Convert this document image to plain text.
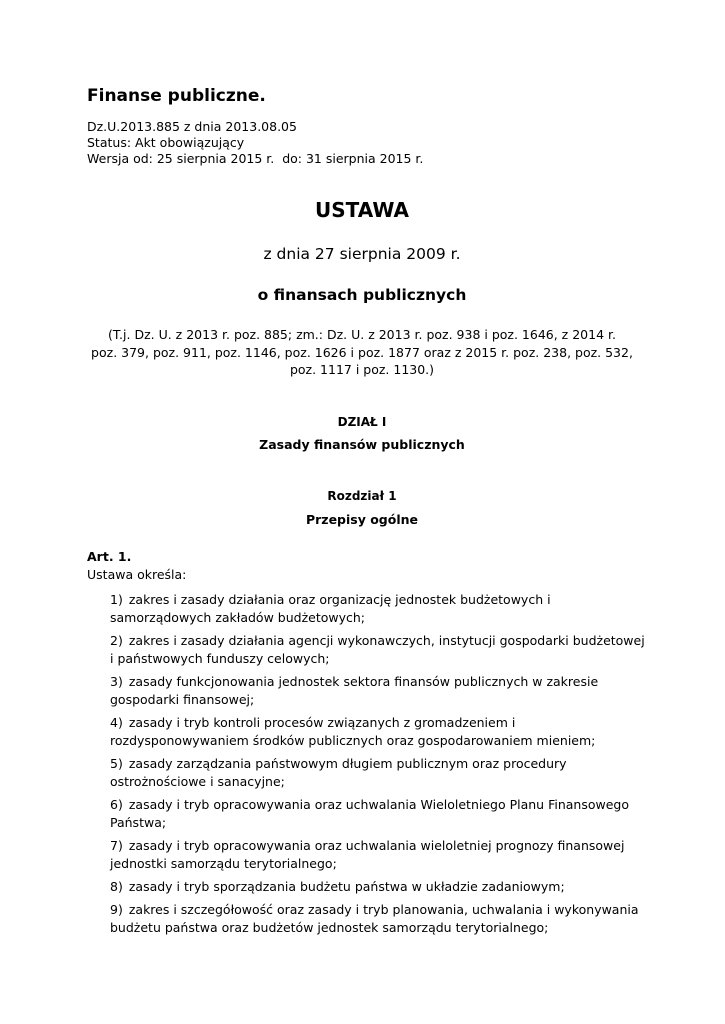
Finanse publiczne.
Dz.U.2013.885 z dnia 2013.08.05
Status: Akt obowiązujący
Wersja od: 25 sierpnia 2015 r.  do: 31 sierpnia 2015 r.
USTAWA
z dnia 27 sierpnia 2009 r.
o finansach publicznych
(T.j. Dz. U. z 2013 r. poz. 885; zm.: Dz. U. z 2013 r. poz. 938 i poz. 1646, z 2014 r.
poz. 379, poz. 911, poz. 1146, poz. 1626 i poz. 1877 oraz z 2015 r. poz. 238, poz. 532,
poz. 1117 i poz. 1130.)
DZIAŁ I
Zasady finansów publicznych
Rozdział 1
Przepisy ogólne
Art. 1.
Ustawa określa:
1) zakres i zasady działania oraz organizację jednostek budżetowych i
samorządowych zakładów budżetowych;
2) zakres i zasady działania agencji wykonawczych, instytucji gospodarki budżetowej
i państwowych funduszy celowych;
3) zasady funkcjonowania jednostek sektora finansów publicznych w zakresie
gospodarki finansowej;
4) zasady i tryb kontroli procesów związanych z gromadzeniem i
rozdysponowywaniem środków publicznych oraz gospodarowaniem mieniem;
5) zasady zarządzania państwowym długiem publicznym oraz procedury
ostrożnościowe i sanacyjne;
6) zasady i tryb opracowywania oraz uchwalania Wieloletniego Planu Finansowego
Państwa;
7) zasady i tryb opracowywania oraz uchwalania wieloletniej prognozy finansowej
jednostki samorządu terytorialnego;
8) zasady i tryb sporządzania budżetu państwa w układzie zadaniowym;
9) zakres i szczegółowość oraz zasady i tryb planowania, uchwalania i wykonywania
budżetu państwa oraz budżetów jednostek samorządu terytorialnego;
